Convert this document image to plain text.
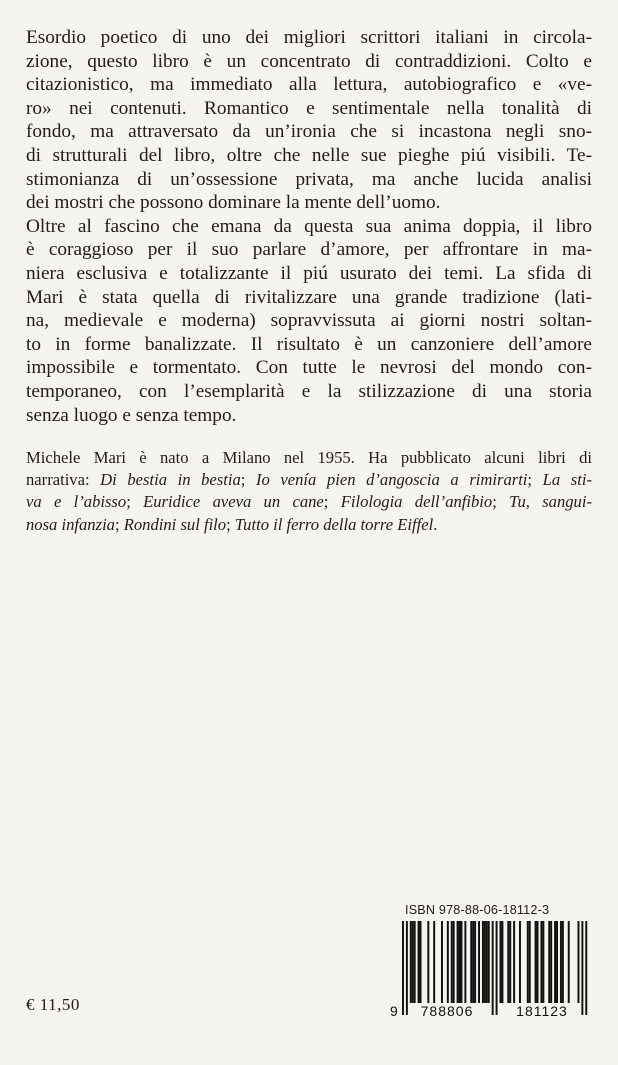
Esordio poetico di uno dei migliori scrittori italiani in circola-
zione, questo libro è un concentrato di contraddizioni. Colto e
citazionistico, ma immediato alla lettura, autobiografico e «ve-
ro» nei contenuti. Romantico e sentimentale nella tonalità di
fondo, ma attraversato da un’ironia che si incastona negli sno-
di strutturali del libro, oltre che nelle sue pieghe piú visibili. Te-
stimonianza di un’ossessione privata, ma anche lucida analisi
dei mostri che possono dominare la mente dell’uomo.
Oltre al fascino che emana da questa sua anima doppia, il libro
è coraggioso per il suo parlare d’amore, per affrontare in ma-
niera esclusiva e totalizzante il piú usurato dei temi. La sfida di
Mari è stata quella di rivitalizzare una grande tradizione (lati-
na, medievale e moderna) sopravvissuta ai giorni nostri soltan-
to in forme banalizzate. Il risultato è un canzoniere dell’amore
impossibile e tormentato. Con tutte le nevrosi del mondo con-
temporaneo, con l’esemplarità e la stilizzazione di una storia
senza luogo e senza tempo.

Michele Mari è nato a Milano nel 1955. Ha pubblicato alcuni libri di
narrativa: Di bestia in bestia; Io venía pien d’angoscia a rimirarti; La sti-
va e l’abisso; Euridice aveva un cane; Filologia dell’anfibio; Tu, sangui-
nosa infanzia; Rondini sul filo; Tutto il ferro della torre Eiffel.

€ 11,50
ISBN 978-88-06-18112-3
9 788806	181123
